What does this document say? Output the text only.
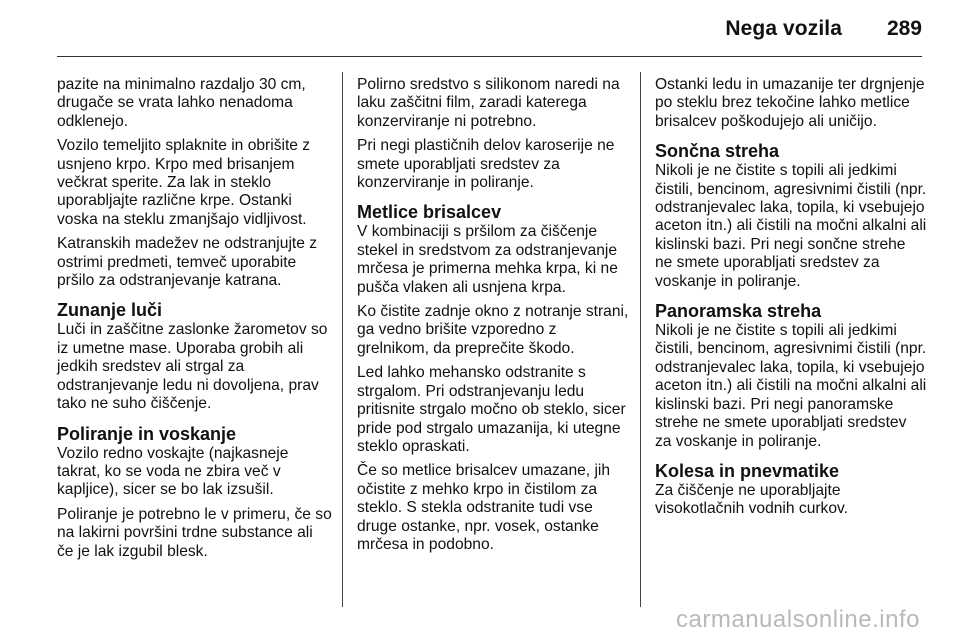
Nega vozila 289

pazite na minimalno razdaljo 30 cm, drugače se vrata lahko nenadoma odklenejo.

Vozilo temeljito splaknite in obrišite z usnjeno krpo. Krpo med brisanjem večkrat sperite. Za lak in steklo uporabljajte različne krpe. Ostanki voska na steklu zmanjšajo vidljivost.

Katranskih madežev ne odstranjujte z ostrimi predmeti, temveč uporabite pršilo za odstranjevanje katrana.

Zunanje luči

Luči in zaščitne zaslonke žarometov so iz umetne mase. Uporaba grobih ali jedkih sredstev ali strgal za odstranjevanje ledu ni dovoljena, prav tako ne suho čiščenje.

Poliranje in voskanje

Vozilo redno voskajte (najkasneje takrat, ko se voda ne zbira več v kapljice), sicer se bo lak izsušil.

Poliranje je potrebno le v primeru, če so na lakirni površini trdne substance ali če je lak izgubil blesk.

Polirno sredstvo s silikonom naredi na laku zaščitni film, zaradi katerega konzerviranje ni potrebno.

Pri negi plastičnih delov karoserije ne smete uporabljati sredstev za konzerviranje in poliranje.

Metlice brisalcev

V kombinaciji s pršilom za čiščenje stekel in sredstvom za odstranjevanje mrčesa je primerna mehka krpa, ki ne pušča vlaken ali usnjena krpa.

Ko čistite zadnje okno z notranje strani, ga vedno brišite vzporedno z grelnikom, da preprečite škodo.

Led lahko mehansko odstranite s strgalom. Pri odstranjevanju ledu pritisnite strgalo močno ob steklo, sicer pride pod strgalo umazanija, ki utegne steklo opraskati.

Če so metlice brisalcev umazane, jih očistite z mehko krpo in čistilom za steklo. S stekla odstranite tudi vse druge ostanke, npr. vosek, ostanke mrčesa in podobno.

Ostanki ledu in umazanije ter drgnjenje po steklu brez tekočine lahko metlice brisalcev poškodujejo ali uničijo.

Sončna streha

Nikoli je ne čistite s topili ali jedkimi čistili, bencinom, agresivnimi čistili (npr. odstranjevalec laka, topila, ki vsebujejo aceton itn.) ali čistili na močni alkalni ali kislinski bazi. Pri negi sončne strehe ne smete uporabljati sredstev za voskanje in poliranje.

Panoramska streha

Nikoli je ne čistite s topili ali jedkimi čistili, bencinom, agresivnimi čistili (npr. odstranjevalec laka, topila, ki vsebujejo aceton itn.) ali čistili na močni alkalni ali kislinski bazi. Pri negi panoramske strehe ne smete uporabljati sredstev za voskanje in poliranje.

Kolesa in pnevmatike

Za čiščenje ne uporabljajte visokotlačnih vodnih curkov.

carmanualsonline.info
